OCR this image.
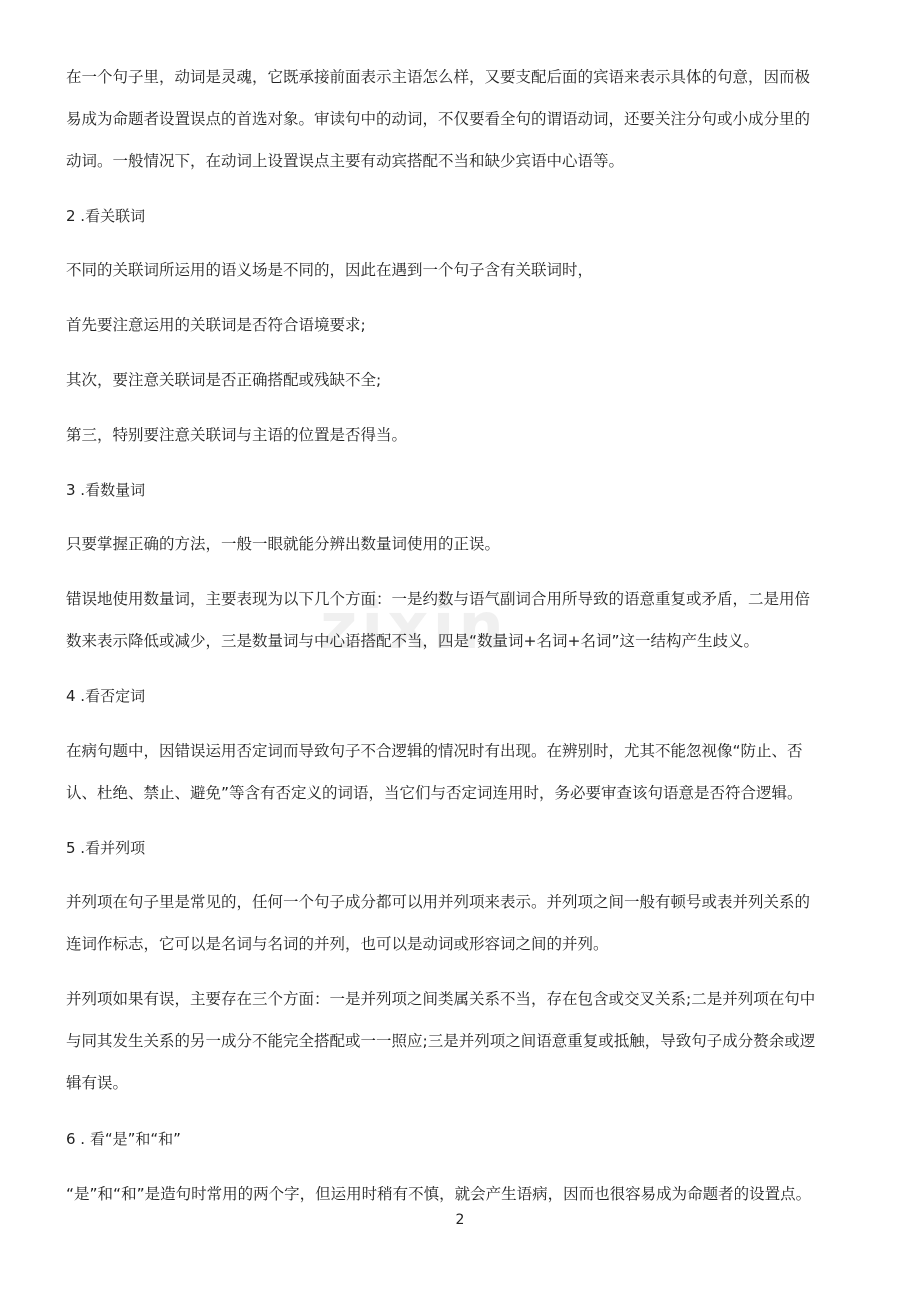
zixin
在一个句子里，动词是灵魂，它既承接前面表示主语怎么样，又要支配后面的宾语来表示具体的句意，因而极
易成为命题者设置误点的首选对象。审读句中的动词，不仅要看全句的谓语动词，还要关注分句或小成分里的
动词。一般情况下，在动词上设置误点主要有动宾搭配不当和缺少宾语中心语等。
2 .看关联词
不同的关联词所运用的语义场是不同的，因此在遇到一个句子含有关联词时，
首先要注意运用的关联词是否符合语境要求;
其次，要注意关联词是否正确搭配或残缺不全;
第三，特别要注意关联词与主语的位置是否得当。
3 .看数量词
只要掌握正确的方法，一般一眼就能分辨出数量词使用的正误。
错误地使用数量词，主要表现为以下几个方面：一是约数与语气副词合用所导致的语意重复或矛盾，二是用倍
数来表示降低或减少，三是数量词与中心语搭配不当，四是“数量词+名词+名词”这一结构产生歧义。
4 .看否定词
在病句题中，因错误运用否定词而导致句子不合逻辑的情况时有出现。在辨别时，尤其不能忽视像“防止、否
认、杜绝、禁止、避免”等含有否定义的词语，当它们与否定词连用时，务必要审查该句语意是否符合逻辑。
5 .看并列项
并列项在句子里是常见的，任何一个句子成分都可以用并列项来表示。并列项之间一般有顿号或表并列关系的
连词作标志，它可以是名词与名词的并列，也可以是动词或形容词之间的并列。
并列项如果有误，主要存在三个方面：一是并列项之间类属关系不当，存在包含或交叉关系;二是并列项在句中
与同其发生关系的另一成分不能完全搭配或一一照应;三是并列项之间语意重复或抵触，导致句子成分赘余或逻
辑有误。
6 . 看“是”和“和”
“是”和“和”是造句时常用的两个字，但运用时稍有不慎，就会产生语病，因而也很容易成为命题者的设置点。
2
